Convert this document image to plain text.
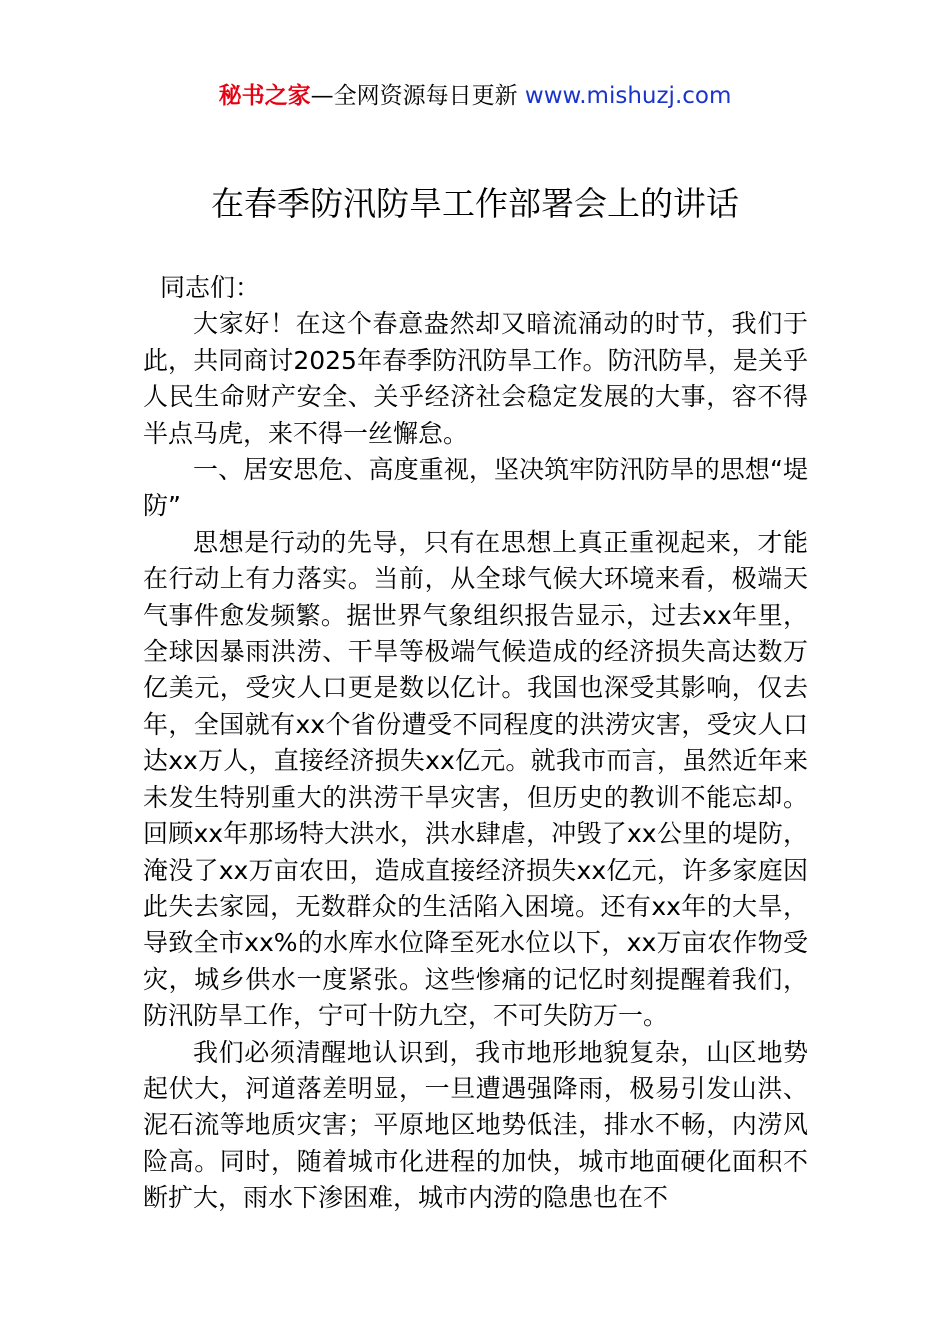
秘书之家—全网资源每日更新 www.mishuzj.com
在春季防汛防旱工作部署会上的讲话

同志们：

大家好！在这个春意盎然却又暗流涌动的时节，我们于此，共同商讨2025年春季防汛防旱工作。防汛防旱，是关乎人民生命财产安全、关乎经济社会稳定发展的大事，容不得半点马虎，来不得一丝懈怠。

一、居安思危、高度重视，坚决筑牢防汛防旱的思想“堤防”

思想是行动的先导，只有在思想上真正重视起来，才能在行动上有力落实。当前，从全球气候大环境来看，极端天气事件愈发频繁。据世界气象组织报告显示，过去xx年里，全球因暴雨洪涝、干旱等极端气候造成的经济损失高达数万亿美元，受灾人口更是数以亿计。我国也深受其影响，仅去年，全国就有xx个省份遭受不同程度的洪涝灾害，受灾人口达xx万人，直接经济损失xx亿元。就我市而言，虽然近年来未发生特别重大的洪涝干旱灾害，但历史的教训不能忘却。回顾xx年那场特大洪水，洪水肆虐，冲毁了xx公里的堤防，淹没了xx万亩农田，造成直接经济损失xx亿元，许多家庭因此失去家园，无数群众的生活陷入困境。还有xx年的大旱，导致全市xx%的水库水位降至死水位以下，xx万亩农作物受灾，城乡供水一度紧张。这些惨痛的记忆时刻提醒着我们，防汛防旱工作，宁可十防九空，不可失防万一。

我们必须清醒地认识到，我市地形地貌复杂，山区地势起伏大，河道落差明显，一旦遭遇强降雨，极易引发山洪、泥石流等地质灾害；平原地区地势低洼，排水不畅，内涝风险高。同时，随着城市化进程的加快，城市地面硬化面积不断扩大，雨水下渗困难，城市内涝的隐患也在不
